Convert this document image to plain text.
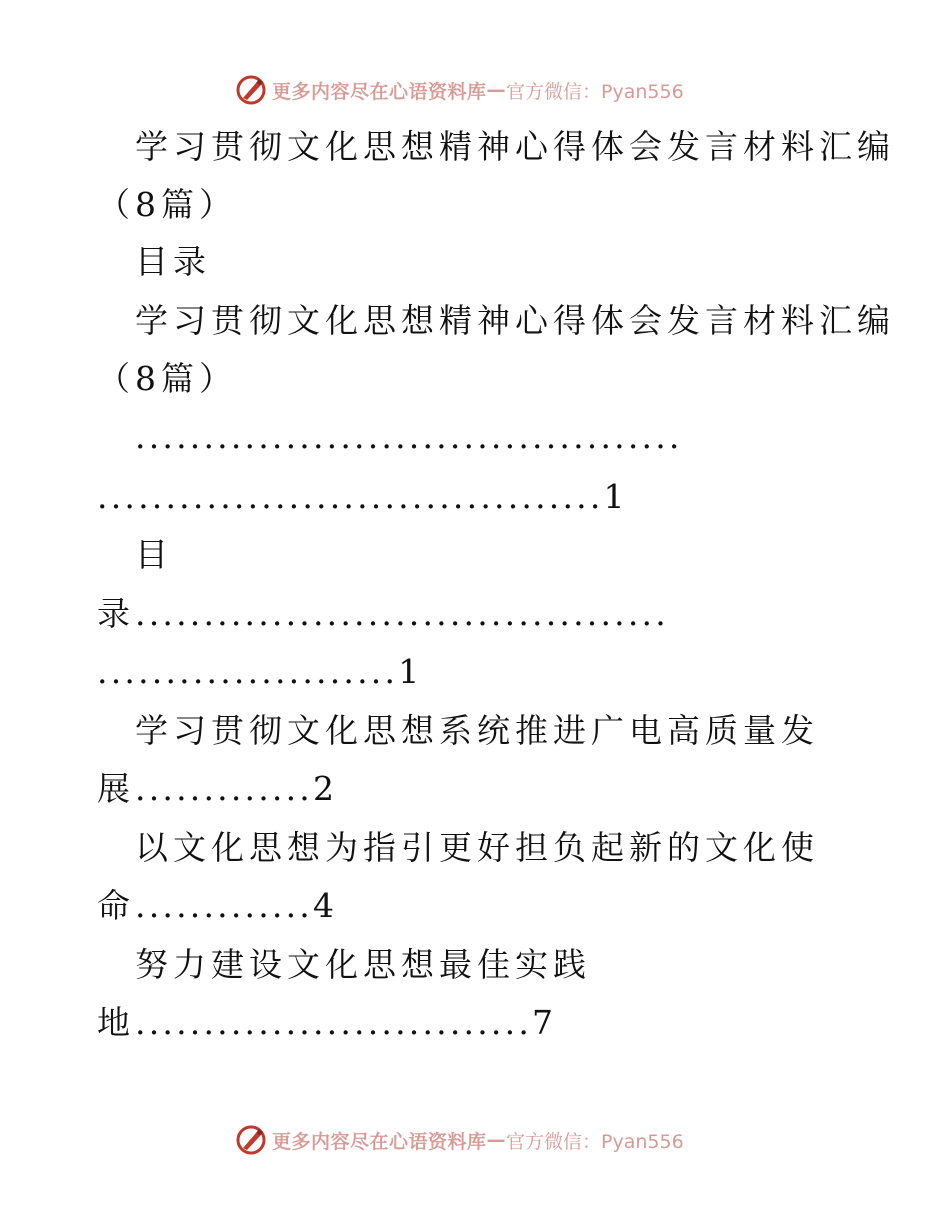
更多内容尽在心语资料库 — 官方微信：Pyan556
学习贯彻文化思想精神心得体会发言材料汇编
（8篇）
目录
学习贯彻文化思想精神心得体会发言材料汇编
（8篇）
........................................
.....................................1
目
录.......................................
......................1
学习贯彻文化思想系统推进广电高质量发
展.............2
以文化思想为指引更好担负起新的文化使
命.............4
努力建设文化思想最佳实践
地.............................7
更多内容尽在心语资料库 — 官方微信：Pyan556
